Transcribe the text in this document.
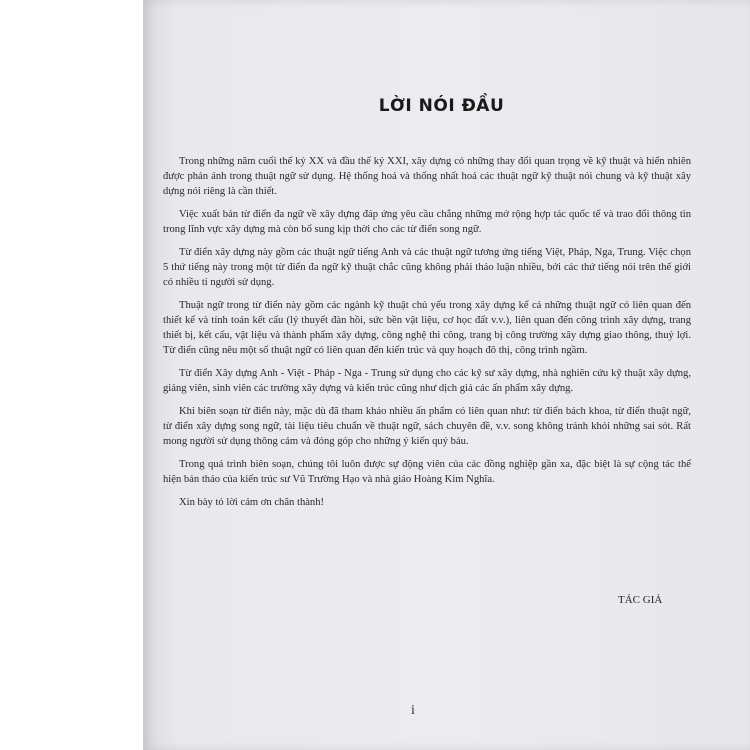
LỜI NÓI ĐẦU

Trong những năm cuối thế kỷ XX và đầu thế kỷ XXI, xây dựng có những thay đổi quan trọng về kỹ thuật và hiển nhiên được phản ánh trong thuật ngữ sử dụng. Hệ thống hoá và thống nhất hoá các thuật ngữ kỹ thuật nói chung và kỹ thuật xây dựng nói riêng là cần thiết.

Việc xuất bản từ điển đa ngữ về xây dựng đáp ứng yêu cầu chẳng những mở rộng hợp tác quốc tế và trao đổi thông tin trong lĩnh vực xây dựng mà còn bổ sung kịp thời cho các từ điển song ngữ.

Từ điển xây dựng này gồm các thuật ngữ tiếng Anh và các thuật ngữ tương ứng tiếng Việt, Pháp, Nga, Trung. Việc chọn 5 thứ tiếng này trong một từ điển đa ngữ kỹ thuật chắc cũng không phải thảo luận nhiều, bởi các thứ tiếng nói trên thế giới có nhiều tỉ người sử dụng.

Thuật ngữ trong từ điển này gồm các ngành kỹ thuật chủ yếu trong xây dựng kể cả những thuật ngữ có liên quan đến thiết kế và tính toán kết cấu (lý thuyết đàn hồi, sức bền vật liệu, cơ học đất v.v.), liên quan đến công trình xây dựng, trang thiết bị, kết cấu, vật liệu và thành phẩm xây dựng, công nghệ thi công, trang bị công trường xây dựng giao thông, thuỷ lợi. Từ điển cũng nêu một số thuật ngữ có liên quan đến kiến trúc và quy hoạch đô thị, công trình ngầm.

Từ điển Xây dựng Anh - Việt - Pháp - Nga - Trung sử dụng cho các kỹ sư xây dựng, nhà nghiên cứu kỹ thuật xây dựng, giảng viên, sinh viên các trường xây dựng và kiến trúc cũng như dịch giả các ấn phẩm xây dựng.

Khi biên soạn từ điển này, mặc dù đã tham khảo nhiều ấn phẩm có liên quan như: từ điển bách khoa, từ điển thuật ngữ, từ điển xây dựng song ngữ, tài liệu tiêu chuẩn về thuật ngữ, sách chuyên đề, v.v. song không tránh khỏi những sai sót. Rất mong người sử dụng thông cảm và đóng góp cho những ý kiến quý báu.

Trong quá trình biên soạn, chúng tôi luôn được sự động viên của các đồng nghiệp gần xa, đặc biệt là sự cộng tác thể hiện bản thảo của kiến trúc sư Vũ Trường Hạo và nhà giáo Hoàng Kim Nghĩa.

Xin bày tỏ lời cảm ơn chân thành!

TÁC GIẢ
i
